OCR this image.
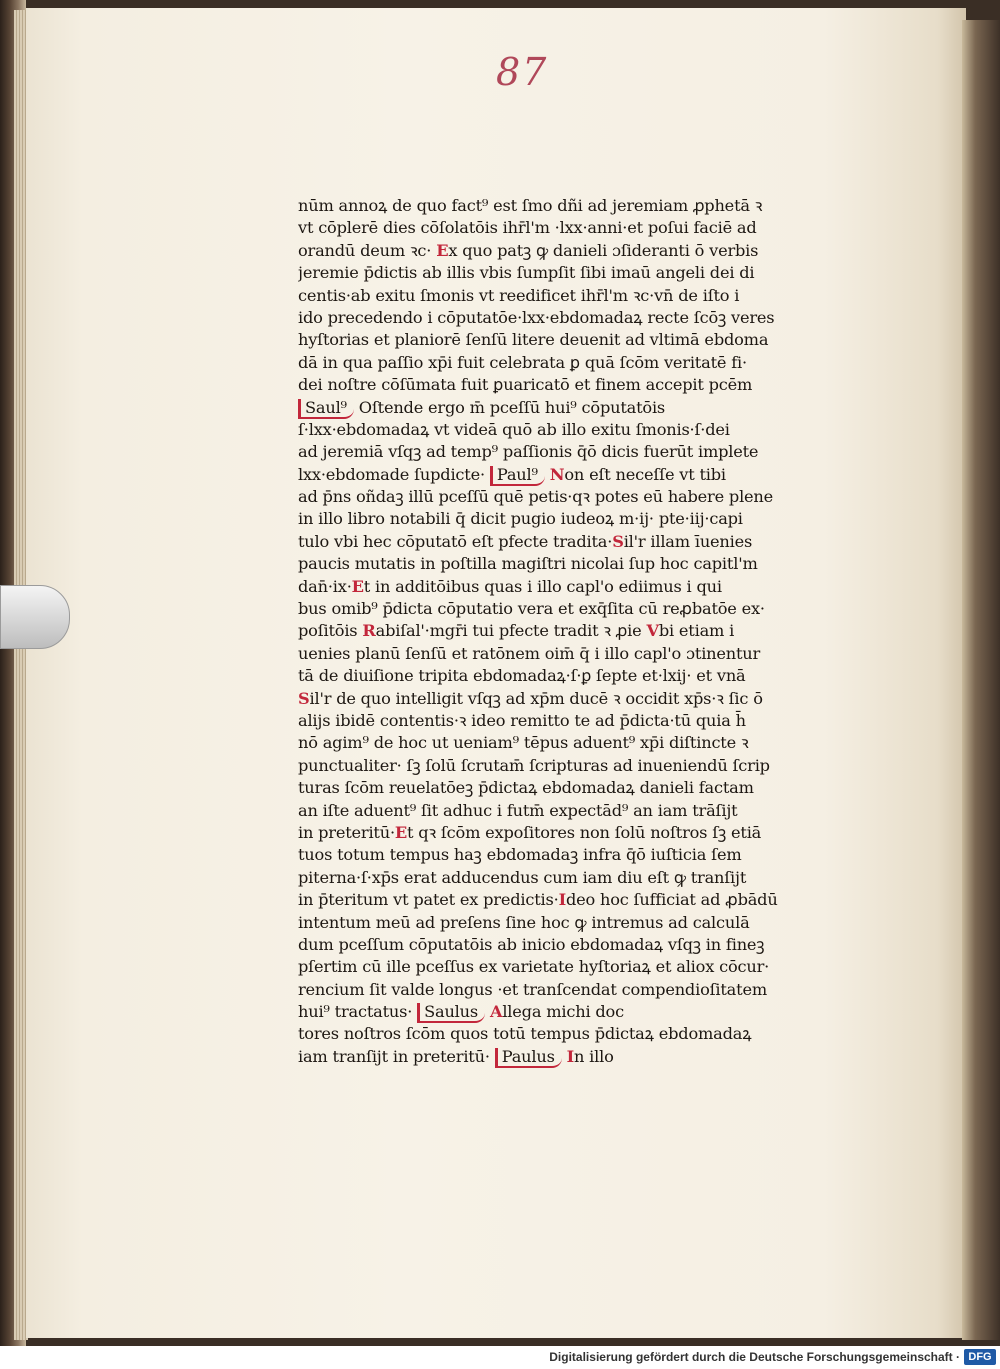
87
nūm annoꝝ de quo fact⁹ est ſmo dñi ad jeremiam ꝓphetā ꝛ
vt cōplerē dies cōſolatōis ihr̄l'm ·lxx·anni·et poſui faciē ad
orandū deum ꝛc· Ex quo patꝫ ꝙ danieli ɔſideranti ō verbis
jeremie p̄dictis ab illis vbis ſumpſit ſibi imaū angeli dei di
centis·ab exitu ſmonis vt reedificet ihr̄l'm ꝛc·vn̄ de iſto i
ido precedendo i cōputatōe·lxx·ebdomadaꝝ recte ſcōꝫ veres
hyſtorias et planiorē ſenſū litere deuenit ad vltimā ebdoma
dā in qua paſſio xp̄i fuit celebrata ꝑ quā ſcōm veritatē fi·
dei noſtre cōſūmata fuit ꝑuaricatō et finem accepit pcēm
Saul⁹ Oſtende ergo m̄ pceſſū hui⁹ cōputatōis
ſ·lxx·ebdomadaꝝ vt videā quō ab illo exitu ſmonis·ſ·dei
ad jeremiā vſqꝫ ad temp⁹ paſſionis q̄ō dicis fuerūt implete
lxx·ebdomade ſupdicte· Paul⁹ Non eſt neceſſe vt tibi
ad p̄ns oñdaꝫ illū pceſſū quē petis·qꝛ potes eū habere plene
in illo libro notabili q̄ dicit pugio iudeoꝝ m·ij· pte·iij·capi
tulo vbi hec cōputatō eſt pfecte tradita·Sil'r illam īuenies
paucis mutatis in poſtilla magiſtri nicolai ſup hoc capitl'm
dan̄·ix·Et in additōibus quas i illo capl'o ediimus i qui
bus omib⁹ p̄dicta cōputatio vera et exq̄ſita cū reꝓbatōe ex·
poſitōis Rabiſal'·mgr̄i tui pfecte tradit ꝛ ꝓie Vbi etiam i
uenies planū ſenſū et ratōnem oim̄ q̄ i illo capl'o ɔtinentur
tā de diuiſione tripita ebdomadaꝝ·ſ·ꝑ ſepte et·lxij· et vnā
Sil'r de quo intelligit vſqꝫ ad xp̄m ducē ꝛ occidit xp̄s·ꝛ ſic ō
alijs ibidē contentis·ꝛ ideo remitto te ad p̄dicta·tū quia h̄
nō agim⁹ de hoc ut ueniam⁹ tēpus aduent⁹ xp̄i diſtincte ꝛ
punctualiter· ſꝫ ſolū ſcrutam̄ ſcripturas ad inueniendū ſcrip
turas ſcōm reuelatōeꝫ p̄dictaꝝ ebdomadaꝝ danieli factam
an iſte aduent⁹ ſit adhuc i futm̄ expectād⁹ an iam trāſijt
in preteritū·Et qꝛ ſcōm expoſitores non ſolū noſtros ſꝫ etiā
tuos totum tempus haꝫ ebdomadaꝫ infra q̄ō iuſticia ſem
piterna·ſ·xp̄s erat adducendus cum iam diu eſt ꝙ tranſijt
in p̄teritum vt patet ex predictis·Ideo hoc ſufficiat ad ꝓbādū
intentum meū ad preſens ſine hoc ꝙ intremus ad calculā
dum pceſſum cōputatōis ab inicio ebdomadaꝝ vſqꝫ in fineꝫ
pſertim cū ille pceſſus ex varietate hyſtoriaꝝ et aliox cōcur·
rencium ſit valde longus ·et tranſcendat compendioſitatem
hui⁹ tractatus· Saulus Allega michi doc
tores noſtros ſcōm quos totū tempus p̄dictaꝝ ebdomadaꝝ
iam tranſijt in preteritū· Paulus In illo
Digitalisierung gefördert durch die Deutsche Forschungsgemeinschaft · DFG
